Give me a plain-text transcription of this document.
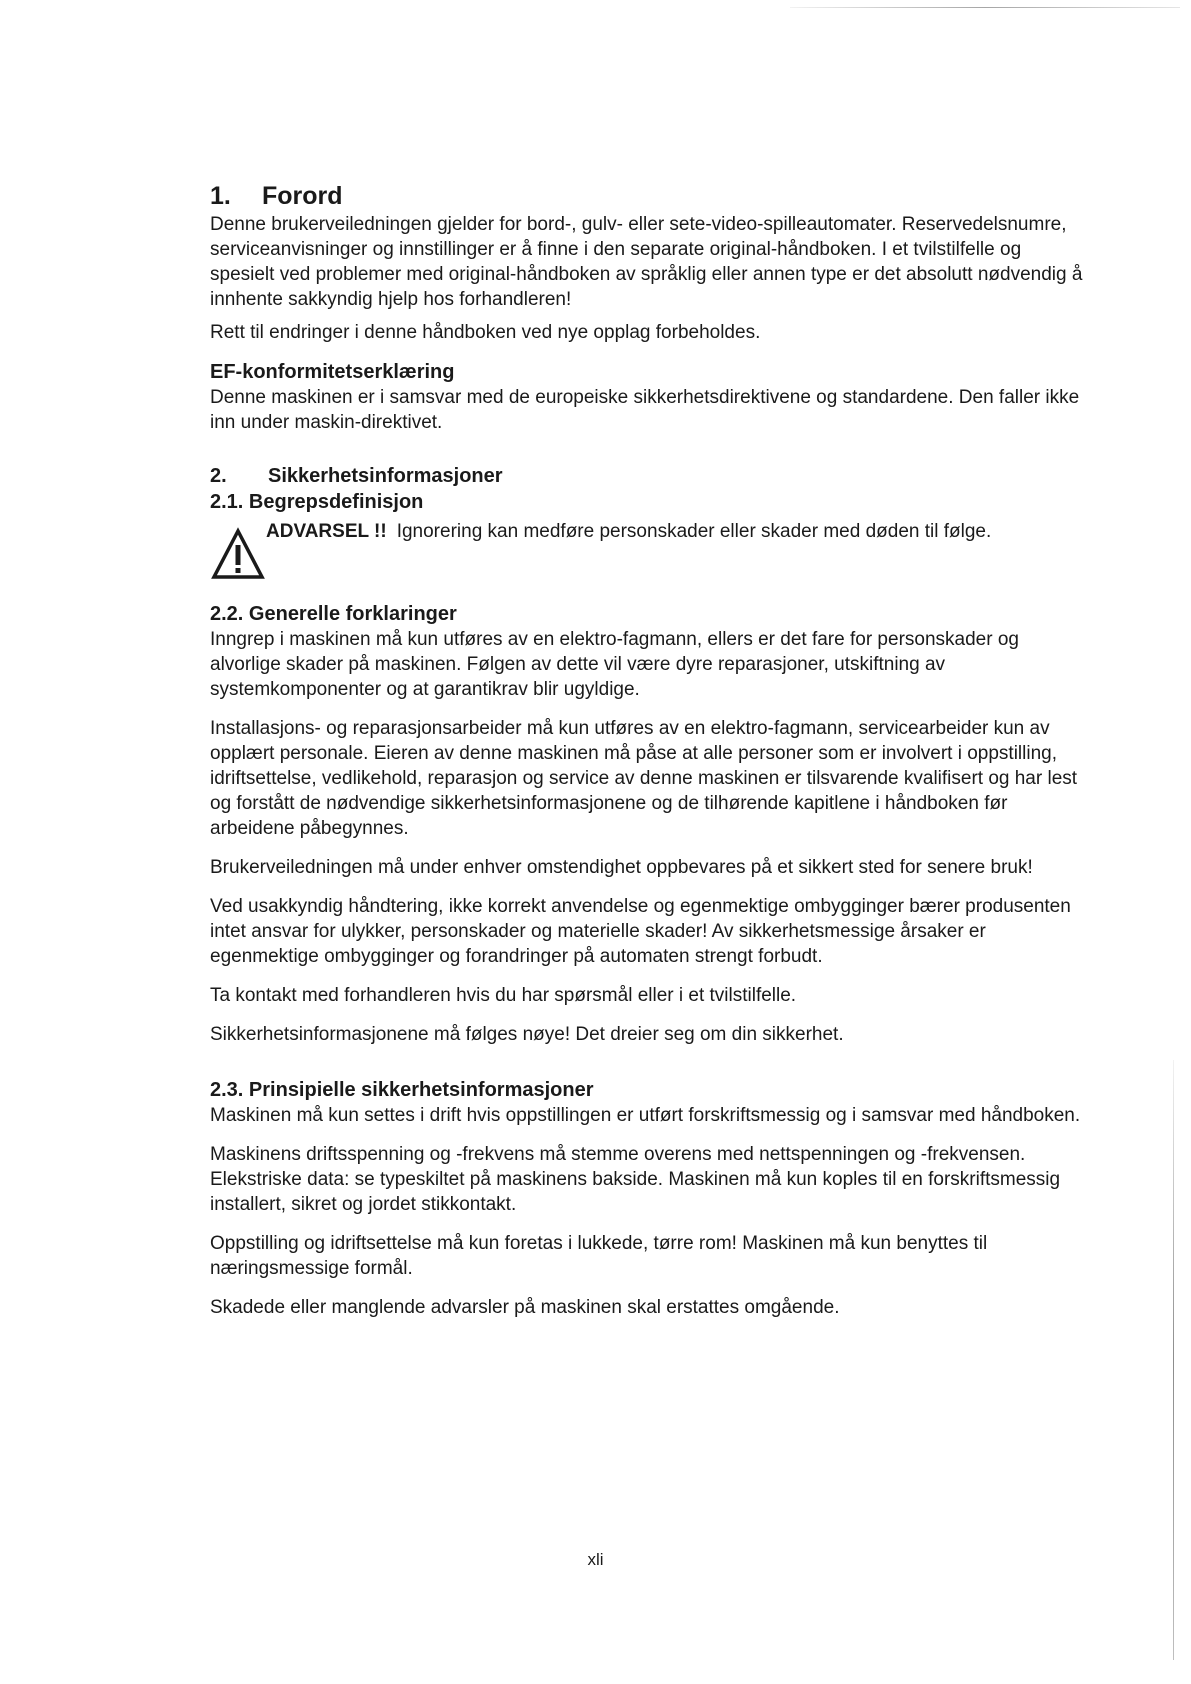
1.	Forord

Denne brukerveiledningen gjelder for bord-, gulv- eller sete-video-spilleautomater. Reservedelsnumre, serviceanvisninger og innstillinger er å finne i den separate original-håndboken. I et tvilstilfelle og spesielt ved problemer med original-håndboken av språklig eller annen type er det absolutt nødvendig å innhente sakkyndig hjelp hos forhandleren!

Rett til endringer i denne håndboken ved nye opplag forbeholdes.

EF-konformitetserklæring

Denne maskinen er i samsvar med de europeiske sikkerhetsdirektivene og standardene. Den faller ikke inn under maskin-direktivet.

2.	Sikkerhetsinformasjoner
2.1. Begrepsdefinisjon
ADVARSEL !! Ignorering kan medføre personskader eller skader med døden til følge.
2.2. Generelle forklaringer

Inngrep i maskinen må kun utføres av en elektro-fagmann, ellers er det fare for personskader og alvorlige skader på maskinen. Følgen av dette vil være dyre reparasjoner, utskiftning av systemkomponenter og at garantikrav blir ugyldige.

Installasjons- og reparasjonsarbeider må kun utføres av en elektro-fagmann, servicearbeider kun av opplært personale. Eieren av denne maskinen må påse at alle personer som er involvert i oppstilling, idriftsettelse, vedlikehold, reparasjon og service av denne maskinen er tilsvarende kvalifisert og har lest og forstått de nødvendige sikkerhetsinformasjonene og de tilhørende kapitlene i håndboken før arbeidene påbegynnes.

Brukerveiledningen må under enhver omstendighet oppbevares på et sikkert sted for senere bruk!

Ved usakkyndig håndtering, ikke korrekt anvendelse og egenmektige ombygginger bærer produsenten intet ansvar for ulykker, personskader og materielle skader! Av sikkerhetsmessige årsaker er egenmektige ombygginger og forandringer på automaten strengt forbudt.

Ta kontakt med forhandleren hvis du har spørsmål eller i et tvilstilfelle.

Sikkerhetsinformasjonene må følges nøye! Det dreier seg om din sikkerhet.

2.3. Prinsipielle sikkerhetsinformasjoner

Maskinen må kun settes i drift hvis oppstillingen er utført forskriftsmessig og i samsvar med håndboken.

Maskinens driftsspenning og -frekvens må stemme overens med nettspenningen og -frekvensen. Elekstriske data: se typeskiltet på maskinens bakside. Maskinen må kun koples til en forskriftsmessig installert, sikret og jordet stikkontakt.

Oppstilling og idriftsettelse må kun foretas i lukkede, tørre rom! Maskinen må kun benyttes til næringsmessige formål.

Skadede eller manglende advarsler på maskinen skal erstattes omgående.

xli
